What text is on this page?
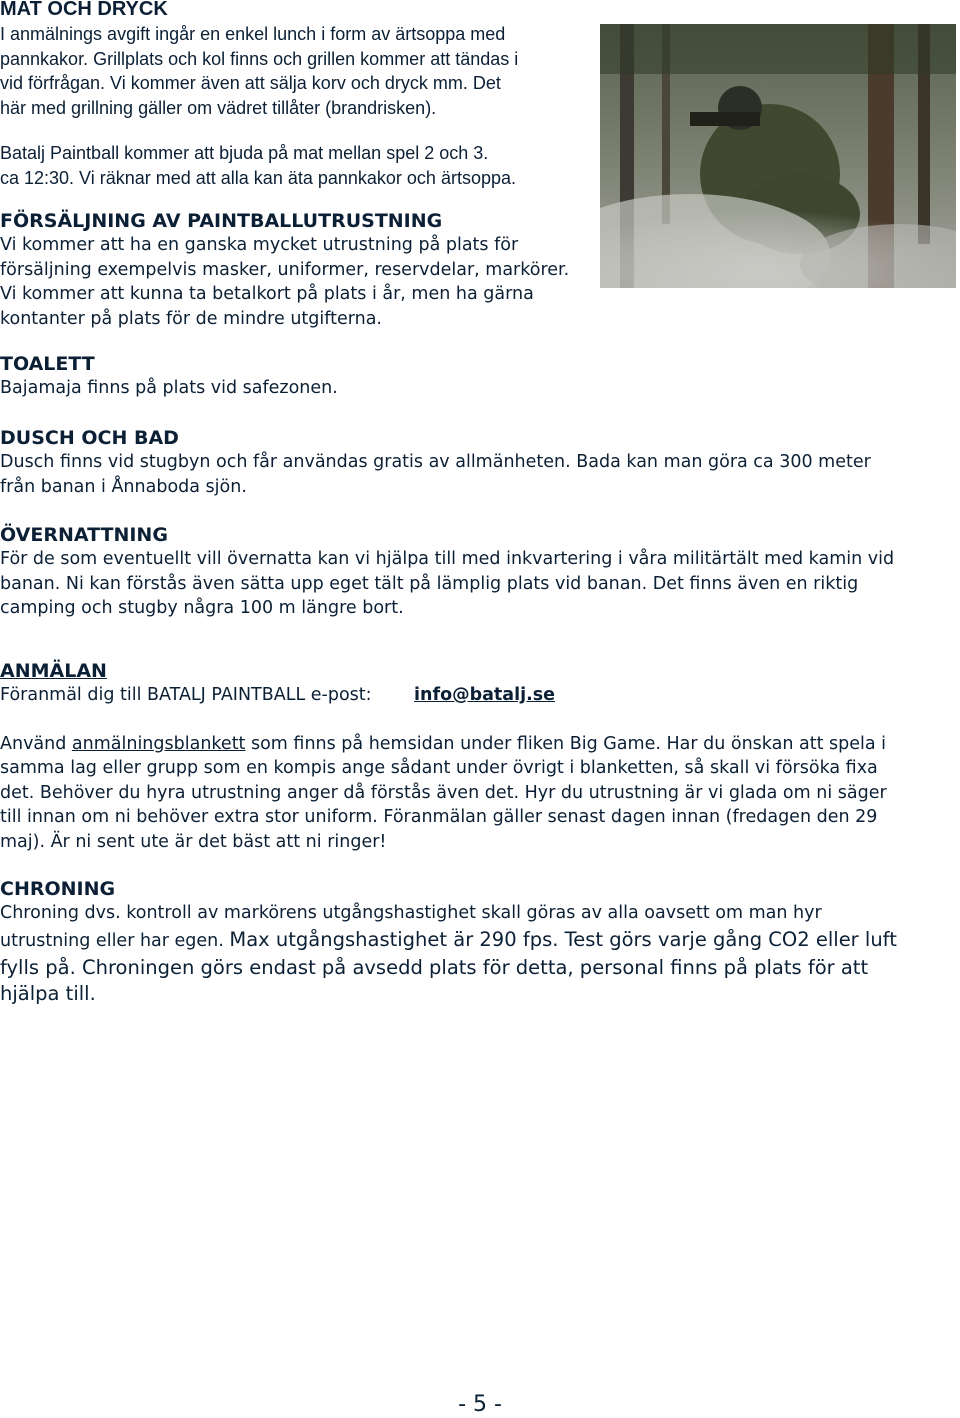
MAT OCH DRYCK
I anmälnings avgift ingår en enkel lunch i form av ärtsoppa med
pannkakor. Grillplats och kol finns och grillen kommer att tändas i
vid förfrågan. Vi kommer även att sälja korv och dryck mm. Det
här med grillning gäller om vädret tillåter (brandrisken).
Batalj Paintball kommer att bjuda på mat mellan spel 2 och 3.
ca 12:30. Vi räknar med att alla kan äta pannkakor och ärtsoppa.
FÖRSÄLJNING AV PAINTBALLUTRUSTNING
Vi kommer att ha en ganska mycket utrustning på plats för
försäljning exempelvis masker, uniformer, reservdelar, markörer.
Vi kommer att kunna ta betalkort på plats i år, men ha gärna
kontanter på plats för de mindre utgifterna.
TOALETT
Bajamaja finns på plats vid safezonen.
DUSCH OCH BAD
Dusch finns vid stugbyn och får användas gratis av allmänheten. Bada kan man göra ca 300 meter
från banan i Ånnaboda sjön.
ÖVERNATTNING
För de som eventuellt vill övernatta kan vi hjälpa till med inkvartering i våra militärtält med kamin vid
banan. Ni kan förstås även sätta upp eget tält på lämplig plats vid banan. Det finns även en riktig
camping och stugby några 100 m längre bort.
ANMÄLAN
Föranmäl dig till BATALJ PAINTBALL e-post: info@batalj.se
Använd anmälningsblankett som finns på hemsidan under fliken Big Game. Har du önskan att spela i
samma lag eller grupp som en kompis ange sådant under övrigt i blanketten, så skall vi försöka fixa
det. Behöver du hyra utrustning anger då förstås även det. Hyr du utrustning är vi glada om ni säger
till innan om ni behöver extra stor uniform. Föranmälan gäller senast dagen innan (fredagen den 29
maj). Är ni sent ute är det bäst att ni ringer!
CHRONING
Chroning dvs. kontroll av markörens utgångshastighet skall göras av alla oavsett om man hyr
utrustning eller har egen. Max utgångshastighet är 290 fps. Test görs varje gång CO2 eller luft
fylls på. Chroningen görs endast på avsedd plats för detta, personal finns på plats för att
hjälpa till.
- 5 -
